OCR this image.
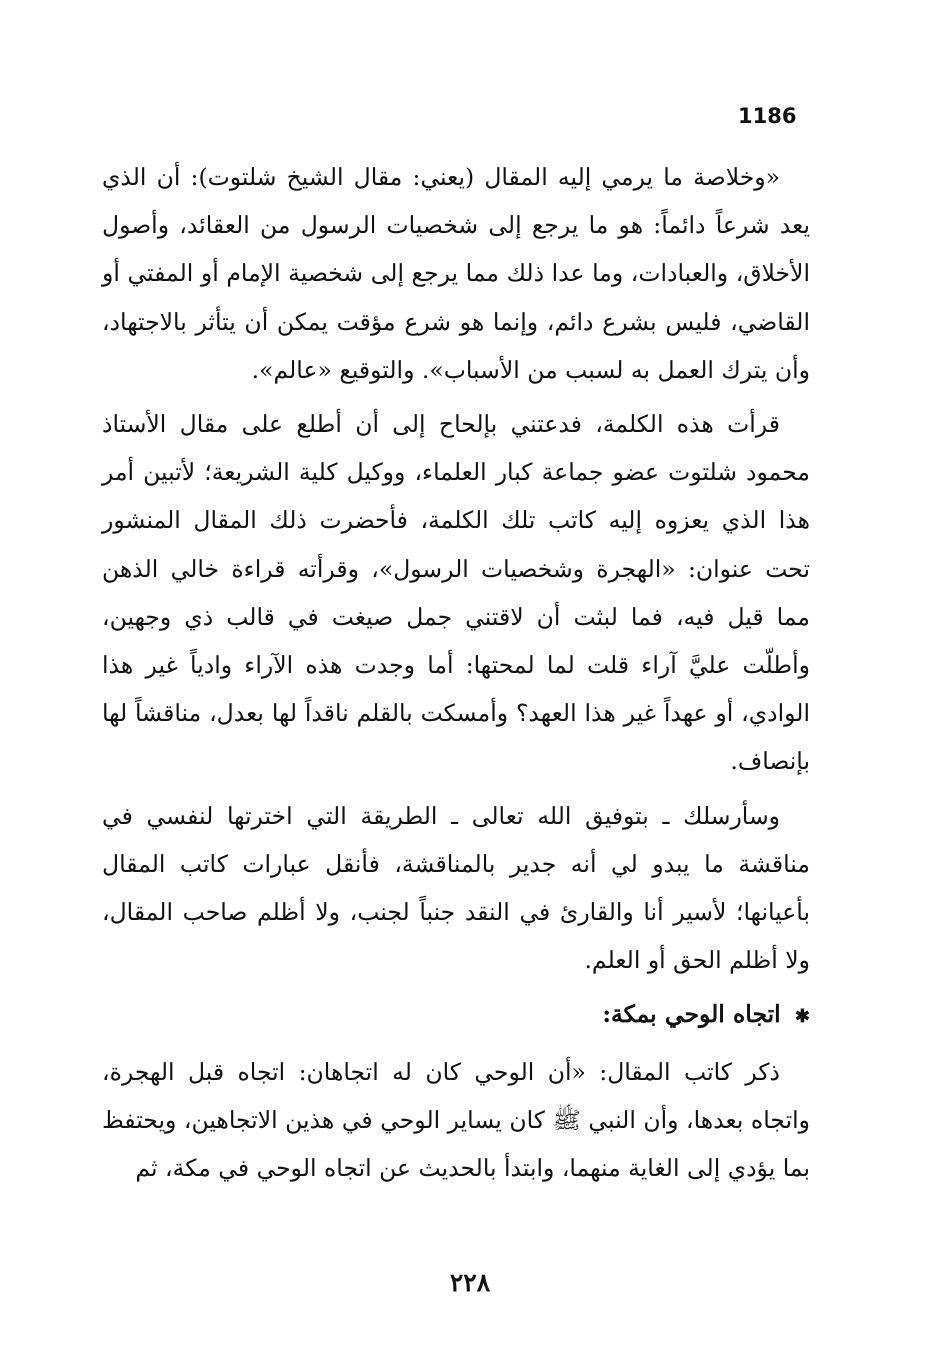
1186

«وخلاصة ما يرمي إليه المقال (يعني: مقال الشيخ شلتوت): أن الذي يعد شرعاً دائماً: هو ما يرجع إلى شخصيات الرسول من العقائد، وأصول الأخلاق، والعبادات، وما عدا ذلك مما يرجع إلى شخصية الإمام أو المفتي أو القاضي، فليس بشرع دائم، وإنما هو شرع مؤقت يمكن أن يتأثر بالاجتهاد، وأن يترك العمل به لسبب من الأسباب». والتوقيع «عالم».

قرأت هذه الكلمة، فدعتني بإلحاح إلى أن أطلع على مقال الأستاذ محمود شلتوت عضو جماعة كبار العلماء، ووكيل كلية الشريعة؛ لأتبين أمر هذا الذي يعزوه إليه كاتب تلك الكلمة، فأحضرت ذلك المقال المنشور تحت عنوان: «الهجرة وشخصيات الرسول»، وقرأته قراءة خالي الذهن مما قيل فيه، فما لبثت أن لاقتني جمل صيغت في قالب ذي وجهين، وأطلّت عليَّ آراء قلت لما لمحتها: أما وجدت هذه الآراء وادياً غير هذا الوادي، أو عهداً غير هذا العهد؟ وأمسكت بالقلم ناقداً لها بعدل، مناقشاً لها بإنصاف.

وسأرسلك ـ بتوفيق الله تعالى ـ الطريقة التي اخترتها لنفسي في مناقشة ما يبدو لي أنه جدير بالمناقشة، فأنقل عبارات كاتب المقال بأعيانها؛ لأسير أنا والقارئ في النقد جنباً لجنب، ولا أظلم صاحب المقال، ولا أظلم الحق أو العلم.

✱ اتجاه الوحي بمكة:

ذكر كاتب المقال: «أن الوحي كان له اتجاهان: اتجاه قبل الهجرة، واتجاه بعدها، وأن النبي ﷺ كان يساير الوحي في هذين الاتجاهين، ويحتفظ بما يؤدي إلى الغاية منهما، وابتدأ بالحديث عن اتجاه الوحي في مكة، ثم

٢٢٨
